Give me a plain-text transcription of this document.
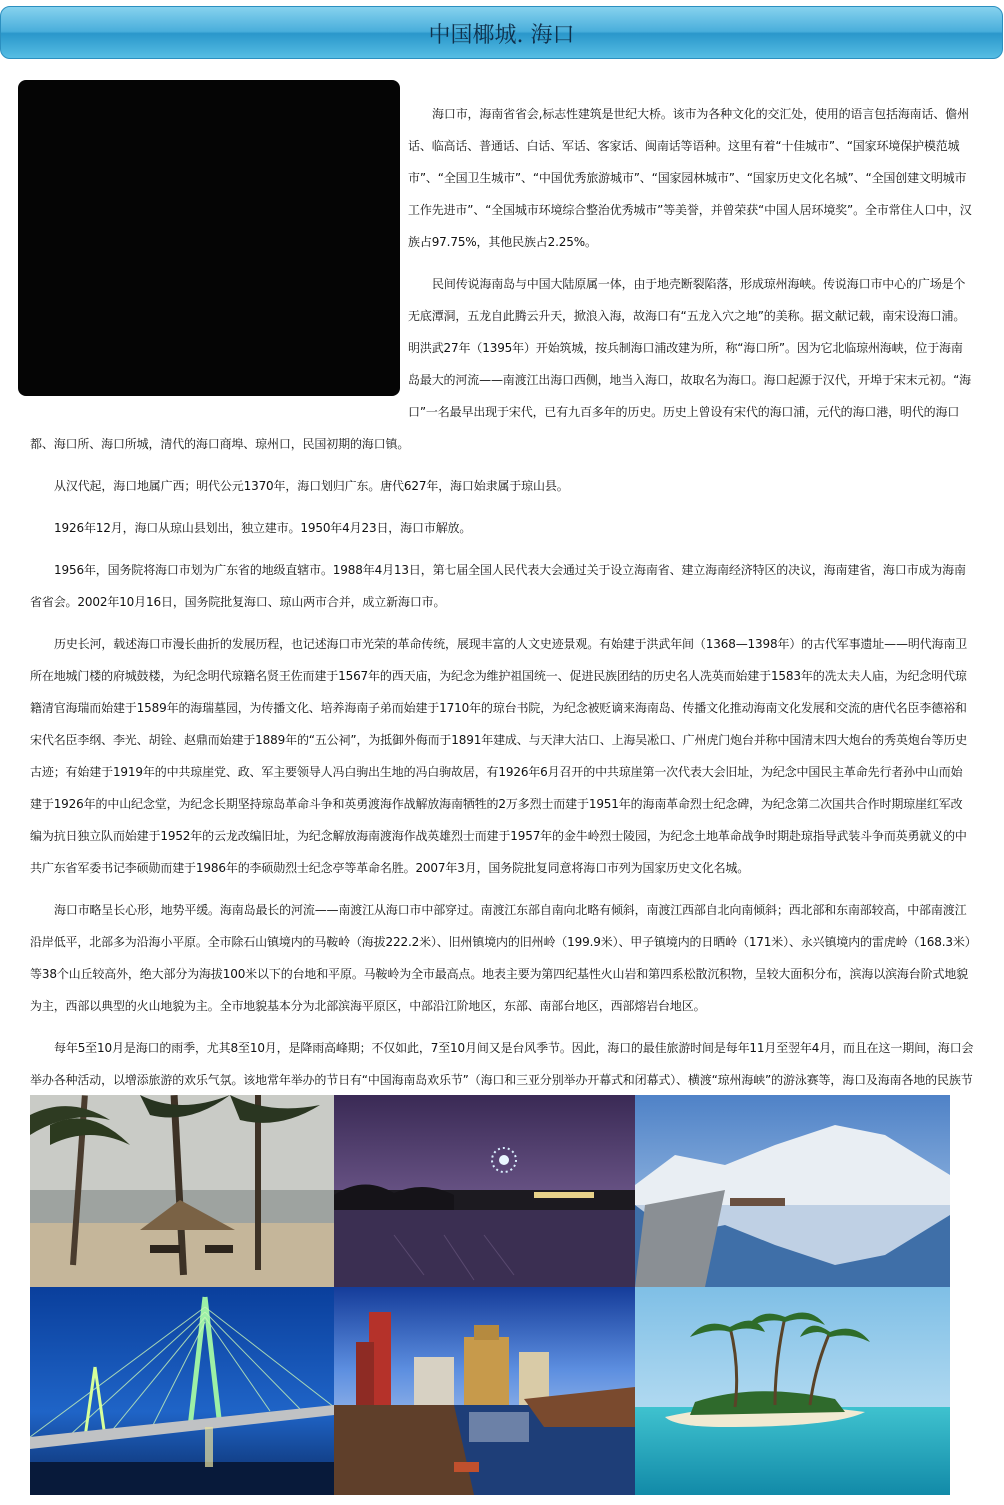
中国椰城. 海口

海口市，海南省省会,标志性建筑是世纪大桥。该市为各种文化的交汇处，使用的语言包括海南话、儋州话、临高话、普通话、白话、军话、客家话、闽南话等语种。这里有着“十佳城市”、“国家环境保护模范城市”、“全国卫生城市”、“中国优秀旅游城市”、“国家园林城市”、“国家历史文化名城”、“全国创建文明城市工作先进市”、“全国城市环境综合整治优秀城市”等美誉，并曾荣获“中国人居环境奖”。全市常住人口中，汉族占97.75%，其他民族占2.25%。

民间传说海南岛与中国大陆原属一体，由于地壳断裂陷落，形成琼州海峡。传说海口市中心的广场是个无底潭洞，五龙自此腾云升天，掀浪入海，故海口有“五龙入穴之地”的美称。据文献记载，南宋设海口浦。明洪武27年（1395年）开始筑城，按兵制海口浦改建为所，称“海口所”。因为它北临琼州海峡，位于海南岛最大的河流——南渡江出海口西侧，地当入海口，故取名为海口。海口起源于汉代，开埠于宋末元初。“海口”一名最早出现于宋代，已有九百多年的历史。历史上曾设有宋代的海口浦，元代的海口港，明代的海口都、海口所、海口所城，清代的海口商埠、琼州口，民国初期的海口镇。

从汉代起，海口地属广西；明代公元1370年，海口划归广东。唐代627年，海口始隶属于琼山县。

1926年12月，海口从琼山县划出，独立建市。1950年4月23日，海口市解放。

1956年，国务院将海口市划为广东省的地级直辖市。1988年4月13日，第七届全国人民代表大会通过关于设立海南省、建立海南经济特区的决议，海南建省，海口市成为海南省省会。2002年10月16日，国务院批复海口、琼山两市合并，成立新海口市。

历史长河，载述海口市漫长曲折的发展历程，也记述海口市光荣的革命传统，展现丰富的人文史迹景观。有始建于洪武年间（1368—1398年）的古代军事遗址——明代海南卫所在地城门楼的府城鼓楼，为纪念明代琼籍名贤王佐而建于1567年的西天庙，为纪念为维护祖国统一、促进民族团结的历史名人冼英而始建于1583年的冼太夫人庙，为纪念明代琼籍清官海瑞而始建于1589年的海瑞墓园，为传播文化、培养海南子弟而始建于1710年的琼台书院，为纪念被贬谪来海南岛、传播文化推动海南文化发展和交流的唐代名臣李德裕和宋代名臣李纲、李光、胡铨、赵鼎而始建于1889年的“五公祠”，为抵御外侮而于1891年建成、与天津大沽口、上海吴凇口、广州虎门炮台并称中国清末四大炮台的秀英炮台等历史古迹；有始建于1919年的中共琼崖党、政、军主要领导人冯白驹出生地的冯白驹故居，有1926年6月召开的中共琼崖第一次代表大会旧址，为纪念中国民主革命先行者孙中山而始建于1926年的中山纪念堂，为纪念长期坚持琼岛革命斗争和英勇渡海作战解放海南牺牲的2万多烈士而建于1951年的海南革命烈士纪念碑，为纪念第二次国共合作时期琼崖红军改编为抗日独立队而始建于1952年的云龙改编旧址，为纪念解放海南渡海作战英雄烈士而建于1957年的金牛岭烈士陵园，为纪念土地革命战争时期赴琼指导武装斗争而英勇就义的中共广东省军委书记李硕勋而建于1986年的李硕勋烈士纪念亭等革命名胜。2007年3月，国务院批复同意将海口市列为国家历史文化名城。

海口市略呈长心形，地势平缓。海南岛最长的河流——南渡江从海口市中部穿过。南渡江东部自南向北略有倾斜，南渡江西部自北向南倾斜；西北部和东南部较高，中部南渡江沿岸低平，北部多为沿海小平原。全市除石山镇境内的马鞍岭（海拔222.2米）、旧州镇境内的旧州岭（199.9米）、甲子镇境内的日晒岭（171米）、永兴镇境内的雷虎岭（168.3米）等38个山丘较高外，绝大部分为海拔100米以下的台地和平原。马鞍岭为全市最高点。地表主要为第四纪基性火山岩和第四系松散沉积物，呈较大面积分布，滨海以滨海台阶式地貌为主，西部以典型的火山地貌为主。全市地貌基本分为北部滨海平原区，中部沿江阶地区，东部、南部台地区，西部熔岩台地区。

每年5至10月是海口的雨季，尤其8至10月，是降雨高峰期；不仅如此，7至10月间又是台风季节。因此，海口的最佳旅游时间是每年11月至翌年4月，而且在这一期间，海口会举办各种活动，以增添旅游的欢乐气氛。该地常年举办的节日有“中国海南岛欢乐节”（海口和三亚分别举办开幕式和闭幕式）、横渡“琼州海峡”的游泳赛等，海口及海南各地的民族节
